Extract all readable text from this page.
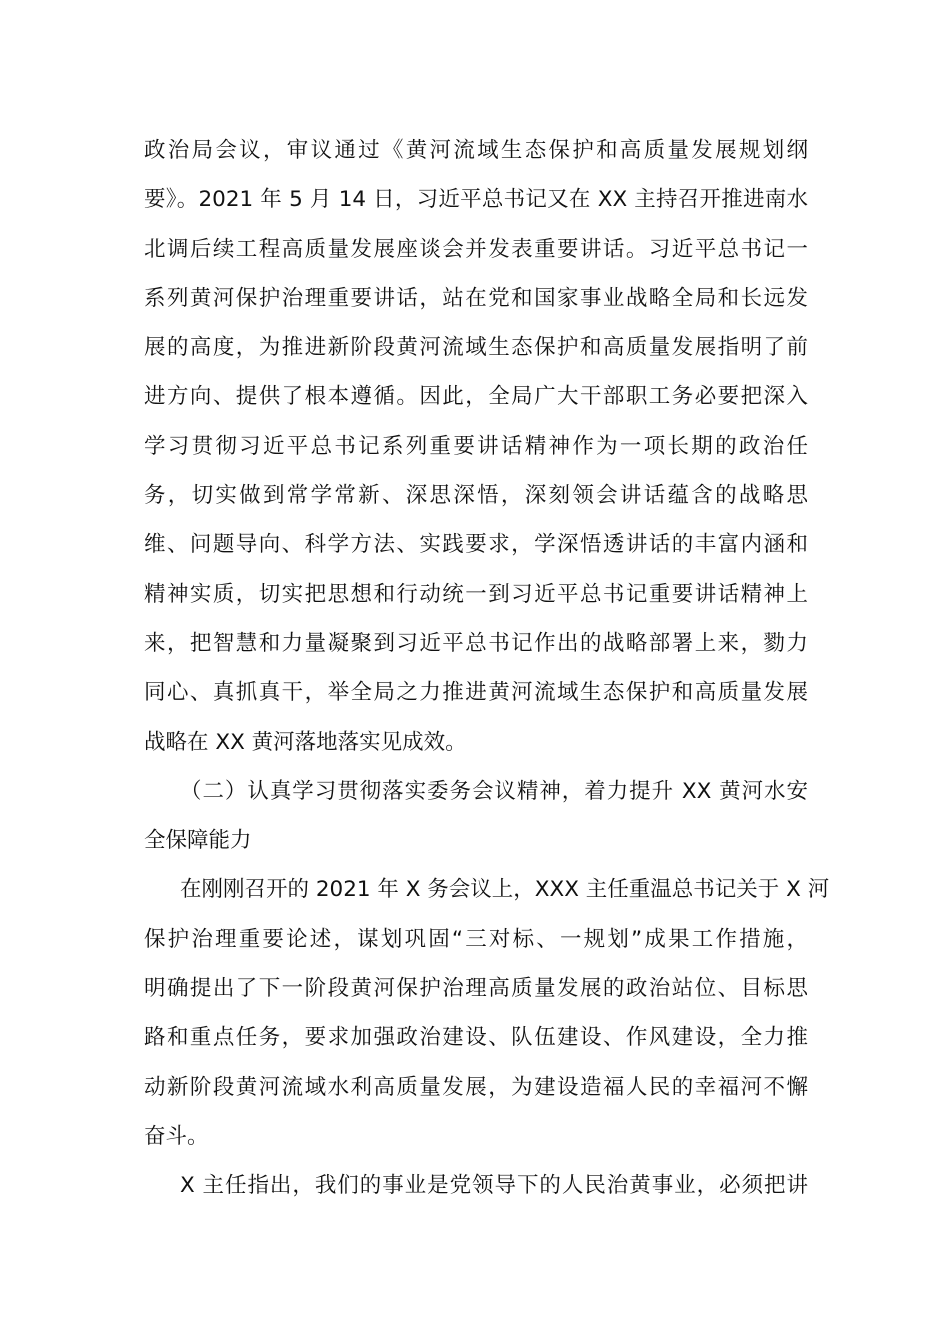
政治局会议，审议通过《黄河流域生态保护和高质量发展规划纲
要》。2021 年 5 月 14 日，习近平总书记又在 XX 主持召开推进南水
北调后续工程高质量发展座谈会并发表重要讲话。习近平总书记一
系列黄河保护治理重要讲话，站在党和国家事业战略全局和长远发
展的高度，为推进新阶段黄河流域生态保护和高质量发展指明了前
进方向、提供了根本遵循。因此，全局广大干部职工务必要把深入
学习贯彻习近平总书记系列重要讲话精神作为一项长期的政治任
务，切实做到常学常新、深思深悟，深刻领会讲话蕴含的战略思
维、问题导向、科学方法、实践要求，学深悟透讲话的丰富内涵和
精神实质，切实把思想和行动统一到习近平总书记重要讲话精神上
来，把智慧和力量凝聚到习近平总书记作出的战略部署上来，勠力
同心、真抓真干，举全局之力推进黄河流域生态保护和高质量发展
战略在 XX 黄河落地落实见成效。
（二）认真学习贯彻落实委务会议精神，着力提升 XX 黄河水安
全保障能力
在刚刚召开的 2021 年 X 务会议上，XXX 主任重温总书记关于 X 河
保护治理重要论述，谋划巩固“三对标、一规划”成果工作措施，
明确提出了下一阶段黄河保护治理高质量发展的政治站位、目标思
路和重点任务，要求加强政治建设、队伍建设、作风建设，全力推
动新阶段黄河流域水利高质量发展，为建设造福人民的幸福河不懈
奋斗。
X 主任指出，我们的事业是党领导下的人民治黄事业，必须把讲
